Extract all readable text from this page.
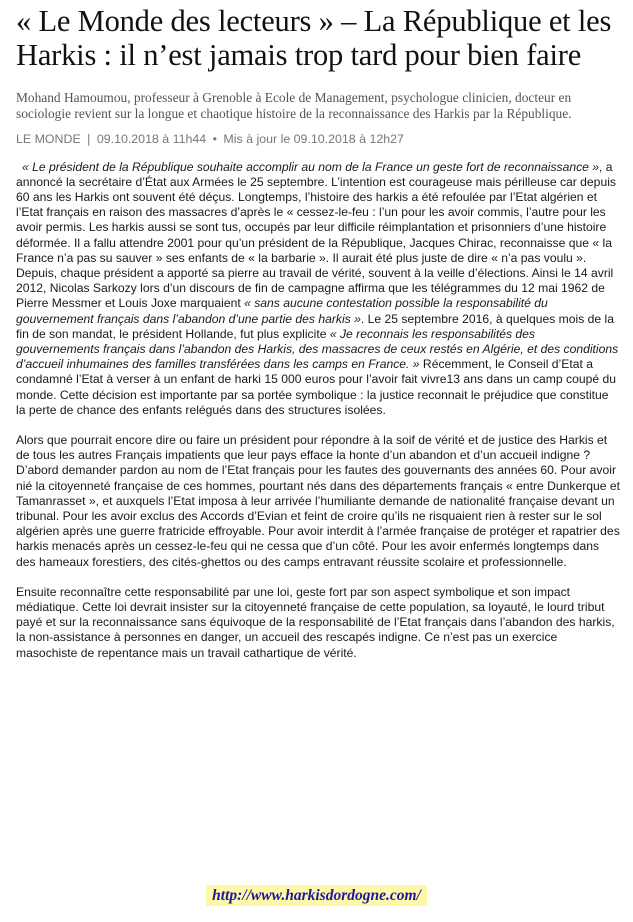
« Le Monde des lecteurs » – La République et les Harkis : il n’est jamais trop tard pour bien faire

Mohand Hamoumou, professeur à Grenoble à Ecole de Management, psychologue clinicien, docteur en sociologie revient sur la longue et chaotique histoire de la reconnaissance des Harkis par la République.

LE MONDE | 09.10.2018 à 11h44 • Mis à jour le 09.10.2018 à 12h27

« Le président de la République souhaite accomplir au nom de la France un geste fort de reconnaissance », a annoncé la secrétaire d’État aux Armées le 25 septembre. L’intention est courageuse mais périlleuse car depuis 60 ans les Harkis ont souvent été déçus. Longtemps, l’histoire des harkis a été refoulée par l’Etat algérien et l’Etat français en raison des massacres d’après le « cessez-le-feu : l’un pour les avoir commis, l’autre pour les avoir permis. Les harkis aussi se sont tus, occupés par leur difficile réimplantation et prisonniers d’une histoire déformée. Il a fallu attendre 2001 pour qu’un président de la République, Jacques Chirac, reconnaisse que « la France n’a pas su sauver » ses enfants de « la barbarie ». Il aurait été plus juste de dire « n’a pas voulu ». Depuis, chaque président a apporté sa pierre au travail de vérité, souvent à la veille d’élections. Ainsi le 14 avril 2012, Nicolas Sarkozy lors d’un discours de fin de campagne affirma que les télégrammes du 12 mai 1962 de Pierre Messmer et Louis Joxe marquaient « sans aucune contestation possible la responsabilité du gouvernement français dans l’abandon d’une partie des harkis ». Le 25 septembre 2016, à quelques mois de la fin de son mandat, le président Hollande, fut plus explicite « Je reconnais les responsabilités des gouvernements français dans l’abandon des Harkis, des massacres de ceux restés en Algérie, et des conditions d’accueil inhumaines des familles transférées dans les camps en France. » Récemment, le Conseil d’Etat a condamné l’Etat à verser à un enfant de harki 15 000 euros pour l’avoir fait vivre13 ans dans un camp coupé du monde. Cette décision est importante par sa portée symbolique : la justice reconnait le préjudice que constitue la perte de chance des enfants relégués dans des structures isolées.

Alors que pourrait encore dire ou faire un président pour répondre à la soif de vérité et de justice des Harkis et de tous les autres Français impatients que leur pays efface la honte d’un abandon et d’un accueil indigne ? D’abord demander pardon au nom de l’Etat français pour les fautes des gouvernants des années 60. Pour avoir nié la citoyenneté française de ces hommes, pourtant nés dans des départements français « entre Dunkerque et Tamanrasset », et auxquels l’Etat imposa à leur arrivée l’humiliante demande de nationalité française devant un tribunal. Pour les avoir exclus des Accords d’Evian et feint de croire qu’ils ne risquaient rien à rester sur le sol algérien après une guerre fratricide effroyable. Pour avoir interdit à l’armée française de protéger et rapatrier des harkis menacés après un cessez-le-feu qui ne cessa que d’un côté. Pour les avoir enfermés longtemps dans des hameaux forestiers, des cités-ghettos ou des camps entravant réussite scolaire et professionnelle.

Ensuite reconnaître cette responsabilité par une loi, geste fort par son aspect symbolique et son impact médiatique. Cette loi devrait insister sur la citoyenneté française de cette population, sa loyauté, le lourd tribut payé et sur la reconnaissance sans équivoque de la responsabilité de l’Etat français dans l’abandon des harkis, la non-assistance à personnes en danger, un accueil des rescapés indigne. Ce n’est pas un exercice masochiste de repentance mais un travail cathartique de vérité.

http://www.harkisdordogne.com/
